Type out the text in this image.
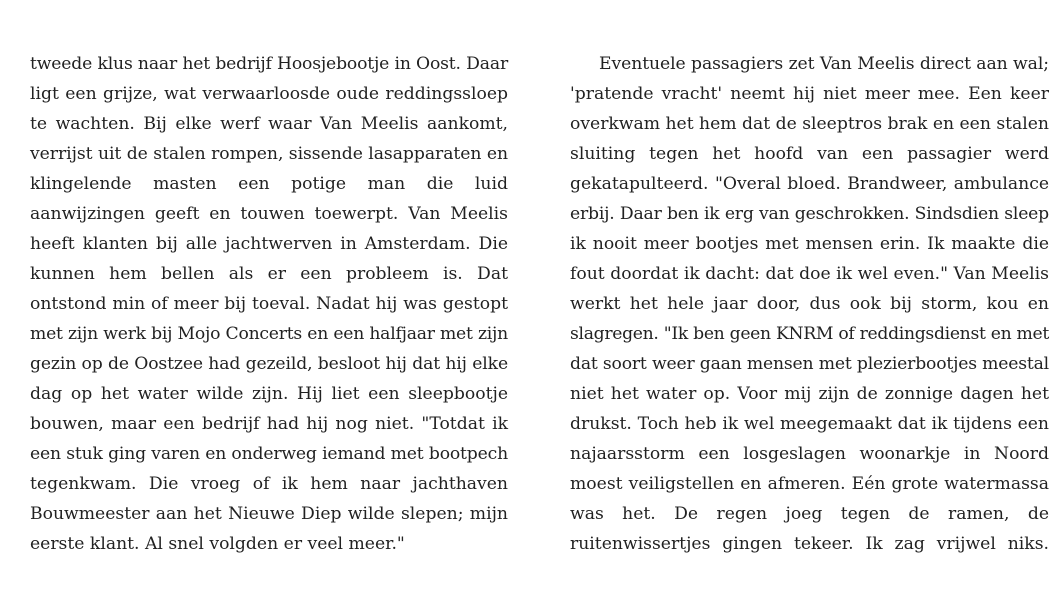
tweede klus naar het bedrijf Hoosjebootje in Oost. Daar
ligt een grijze, wat verwaarloosde oude reddingssloep
te wachten. Bij elke werf waar Van Meelis aankomt,
verrijst uit de stalen rompen, sissende lasapparaten en
klingelende masten een potige man die luid
aanwijzingen geeft en touwen toewerpt. Van Meelis
heeft klanten bij alle jachtwerven in Amsterdam. Die
kunnen hem bellen als er een probleem is. Dat
ontstond min of meer bij toeval. Nadat hij was gestopt
met zijn werk bij Mojo Concerts en een halfjaar met zijn
gezin op de Oostzee had gezeild, besloot hij dat hij elke
dag op het water wilde zijn. Hij liet een sleepbootje
bouwen, maar een bedrijf had hij nog niet. "Totdat ik
een stuk ging varen en onderweg iemand met bootpech
tegenkwam. Die vroeg of ik hem naar jachthaven
Bouwmeester aan het Nieuwe Diep wilde slepen; mijn
eerste klant. Al snel volgden er veel meer."
Eventuele passagiers zet Van Meelis direct aan wal;
'pratende vracht' neemt hij niet meer mee. Een keer
overkwam het hem dat de sleeptros brak en een stalen
sluiting tegen het hoofd van een passagier werd
gekatapulteerd. "Overal bloed. Brandweer, ambulance
erbij. Daar ben ik erg van geschrokken. Sindsdien sleep
ik nooit meer bootjes met mensen erin. Ik maakte die
fout doordat ik dacht: dat doe ik wel even." Van Meelis
werkt het hele jaar door, dus ook bij storm, kou en
slagregen. "Ik ben geen KNRM of reddingsdienst en met
dat soort weer gaan mensen met plezierbootjes meestal
niet het water op. Voor mij zijn de zonnige dagen het
drukst. Toch heb ik wel meegemaakt dat ik tijdens een
najaarsstorm een losgeslagen woonarkje in Noord
moest veiligstellen en afmeren. Eén grote watermassa
was het. De regen joeg tegen de ramen, de
ruitenwissertjes gingen tekeer. Ik zag vrijwel niks.
